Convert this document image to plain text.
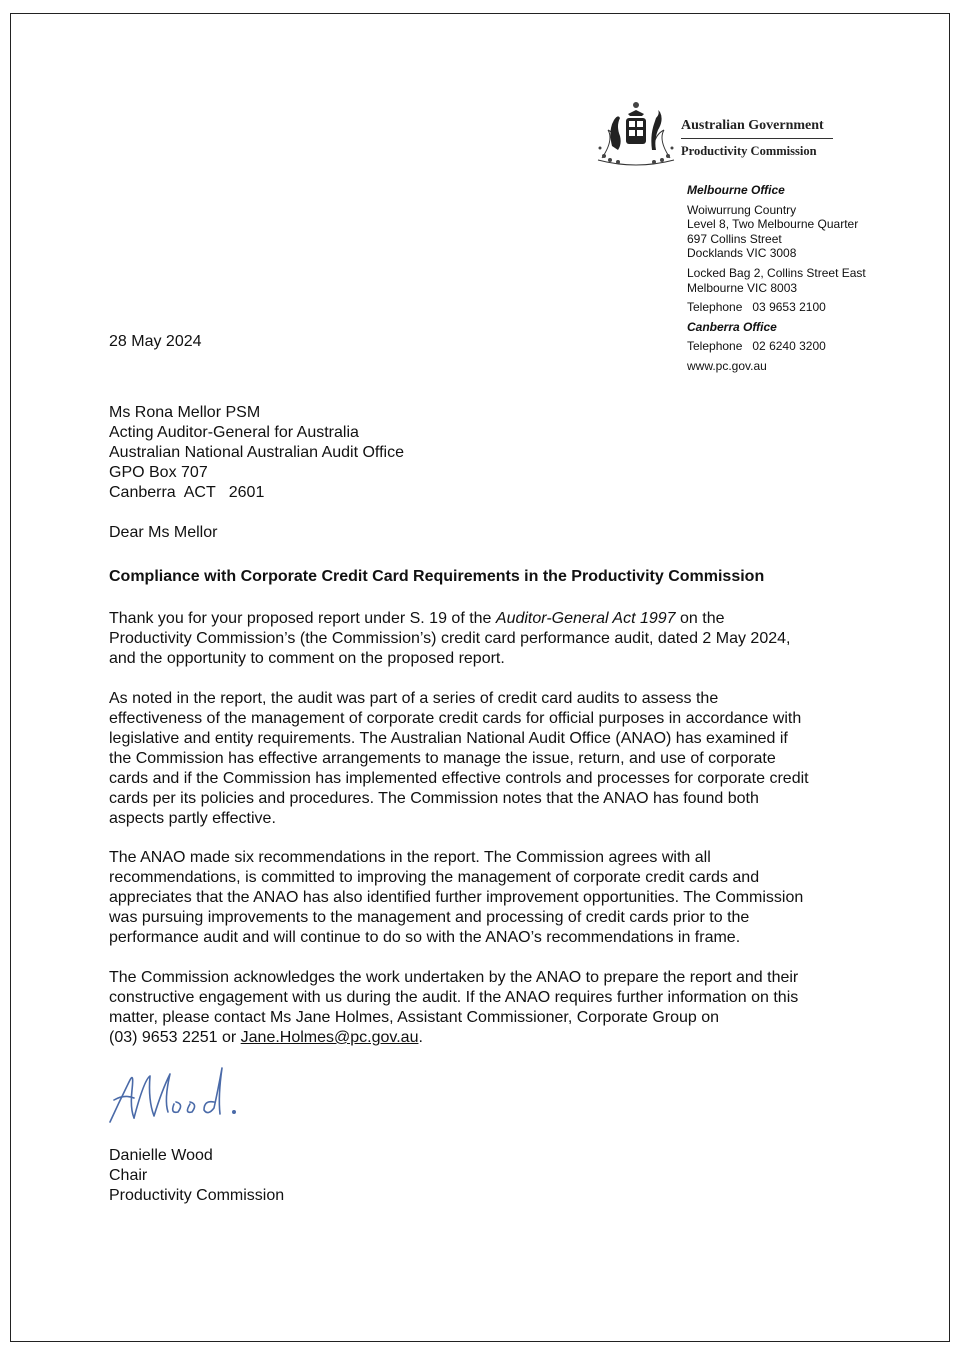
Australian Government
Productivity Commission
Melbourne Office
Woiwurrung Country
Level 8, Two Melbourne Quarter
697 Collins Street
Docklands VIC 3008
Locked Bag 2, Collins Street East
Melbourne VIC 8003
Telephone   03 9653 2100
Canberra Office
Telephone   02 6240 3200
www.pc.gov.au
28 May 2024

Ms Rona Mellor PSM
Acting Auditor-General for Australia
Australian National Australian Audit Office
GPO Box 707
Canberra  ACT   2601

Dear Ms Mellor
Compliance with Corporate Credit Card Requirements in the Productivity Commission
Thank you for your proposed report under S. 19 of the Auditor-General Act 1997 on the
Productivity Commission’s (the Commission’s) credit card performance audit, dated 2 May 2024,
and the opportunity to comment on the proposed report.
As noted in the report, the audit was part of a series of credit card audits to assess the
effectiveness of the management of corporate credit cards for official purposes in accordance with
legislative and entity requirements. The Australian National Audit Office (ANAO) has examined if
the Commission has effective arrangements to manage the issue, return, and use of corporate
cards and if the Commission has implemented effective controls and processes for corporate credit
cards per its policies and procedures. The Commission notes that the ANAO has found both
aspects partly effective.
The ANAO made six recommendations in the report. The Commission agrees with all
recommendations, is committed to improving the management of corporate credit cards and
appreciates that the ANAO has also identified further improvement opportunities. The Commission
was pursuing improvements to the management and processing of credit cards prior to the
performance audit and will continue to do so with the ANAO’s recommendations in frame.
The Commission acknowledges the work undertaken by the ANAO to prepare the report and their
constructive engagement with us during the audit. If the ANAO requires further information on this
matter, please contact Ms Jane Holmes, Assistant Commissioner, Corporate Group on
(03) 9653 2251 or Jane.Holmes@pc.gov.au.
Danielle Wood
Chair
Productivity Commission
